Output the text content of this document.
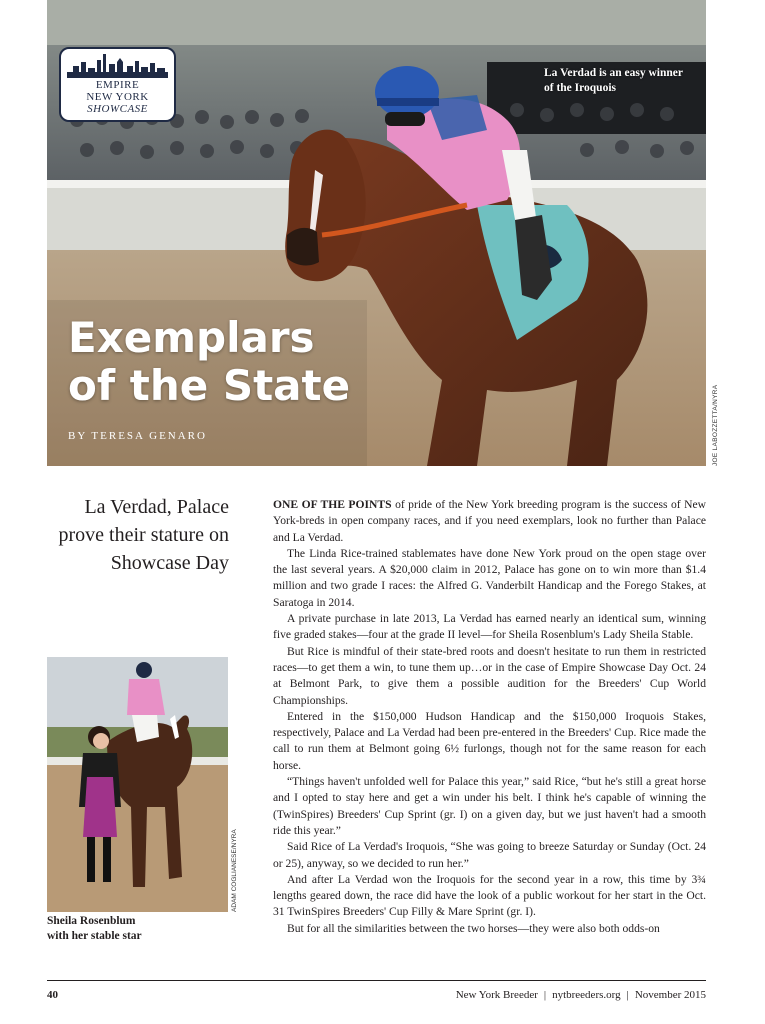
EMPIRE
NEW YORK
SHOWCASE
La Verdad is an easy winner of the Iroquois
Exemplars
of the State
BY TERESA GENARO	JOE LABOZZETTA/NYRA
La Verdad, Palace prove their stature on Showcase Day
ADAM COGLIANESE/NYRA
Sheila Rosenblum
with her stable star

ONE OF THE POINTS of pride of the New York breeding program is the success of New York-breds in open company races, and if you need exemplars, look no further than Palace and La Verdad.

The Linda Rice-trained stablemates have done New York proud on the open stage over the last several years. A $20,000 claim in 2012, Palace has gone on to win more than $1.4 million and two grade I races: the Alfred G. Vanderbilt Handicap and the Forego Stakes, at Saratoga in 2014.

A private purchase in late 2013, La Verdad has earned nearly an identical sum, winning five graded stakes—four at the grade II level—for Sheila Rosenblum's Lady Sheila Stable.

But Rice is mindful of their state-bred roots and doesn't hesitate to run them in restricted races—to get them a win, to tune them up…or in the case of Empire Showcase Day Oct. 24 at Belmont Park, to give them a possible audition for the Breeders' Cup World Championships.

Entered in the $150,000 Hudson Handicap and the $150,000 Iroquois Stakes, respectively, Palace and La Verdad had been pre-entered in the Breeders' Cup. Rice made the call to run them at Belmont going 6½ furlongs, though not for the same reason for each horse.

“Things haven't unfolded well for Palace this year,” said Rice, “but he's still a great horse and I opted to stay here and get a win under his belt. I think he's capable of winning the (TwinSpires) Breeders' Cup Sprint (gr. I) on a given day, but we just haven't had a smooth ride this year.”

Said Rice of La Verdad's Iroquois, “She was going to breeze Saturday or Sunday (Oct. 24 or 25), anyway, so we decided to run her.”

And after La Verdad won the Iroquois for the second year in a row, this time by 3¾ lengths geared down, the race did have the look of a public workout for her start in the Oct. 31 TwinSpires Breeders' Cup Filly & Mare Sprint (gr. I).

But for all the similarities between the two horses—they were also both odds-on

40	New York Breeder | nytbreeders.org | November 2015
